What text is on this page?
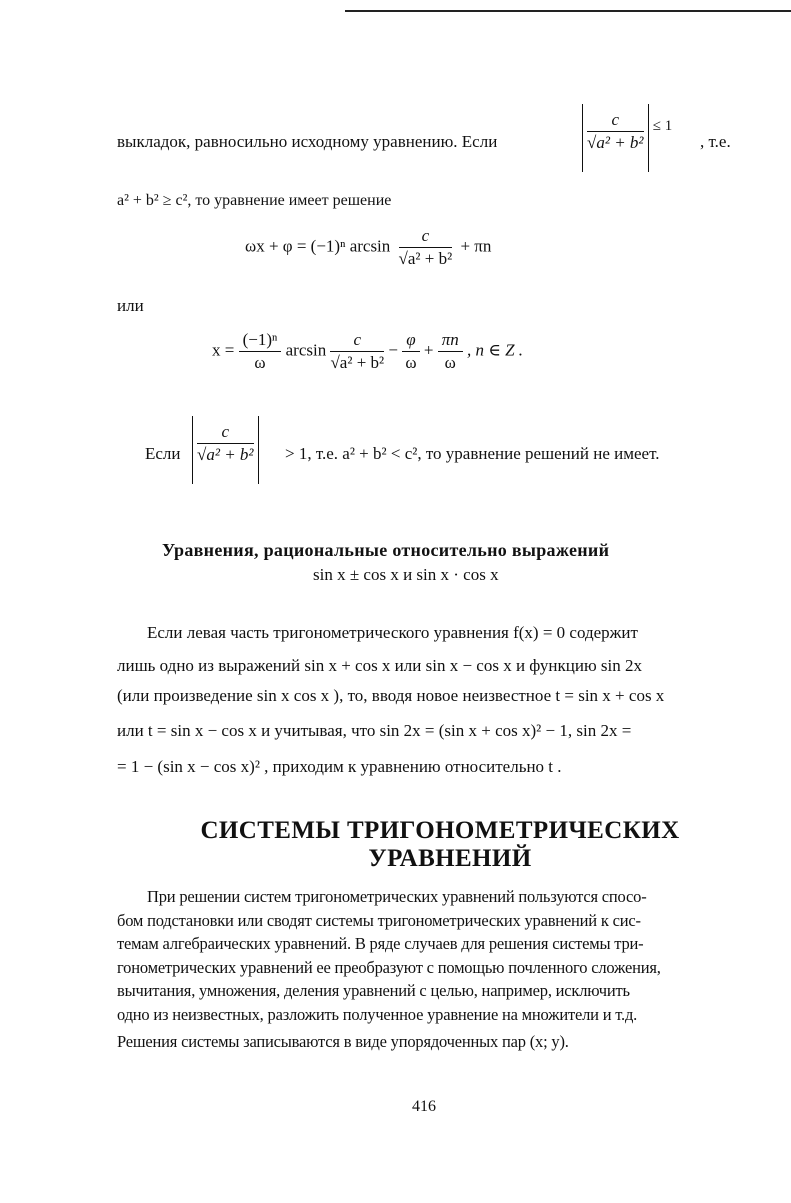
выкладок, равносильно исходному уравнению. Если	$\frac{c}{\text{√a² + b²}} \le 1$
, т.е.
a² + b² ≥ c², то уравнение имеет решение
ωx + φ = (−1)ⁿ $\arcsin \frac{c}{\text{√a² + b²}} + \pi n$
или
$x = \frac{\text{(−1)ⁿ}}{\omega}$ $\arcsin \frac{c}{\text{√a² + b²}} - \frac{\varphi}{\omega} + \frac{\pi n}{\omega}$ , n ∈ Z .
Если $\frac{c}{\text{√a² + b²}} > 1$, т.е. a² + b² < c², то уравнение решений не имеет.
Уравнения, рациональные относительно выражений
sin x ± cos x и sin x · cos x
Если левая часть тригонометрического уравнения f(x) = 0 содержит
лишь одно из выражений sin x + cos x или sin x − cos x и функцию sin 2x
(или произведение sin x cos x ), то, вводя новое неизвестное t = sin x + cos x
или t = sin x − cos x и учитывая, что sin 2x = (sin x + cos x)² − 1, sin 2x =
= 1 − (sin x − cos x)² , приходим к уравнению относительно t .
СИСТЕМЫ ТРИГОНОМЕТРИЧЕСКИХ
УРАВНЕНИЙ
При решении систем тригонометрических уравнений пользуются спосо-
бом подстановки или сводят системы тригонометрических уравнений к сис-
темам алгебраических уравнений. В ряде случаев для решения системы три-
гонометрических уравнений ее преобразуют с помощью почленного сложения,
вычитания, умножения, деления уравнений с целью, например, исключить
одно из неизвестных, разложить полученное уравнение на множители и т.д.
Решения системы записываются в виде упорядоченных пар (x; y).
416
